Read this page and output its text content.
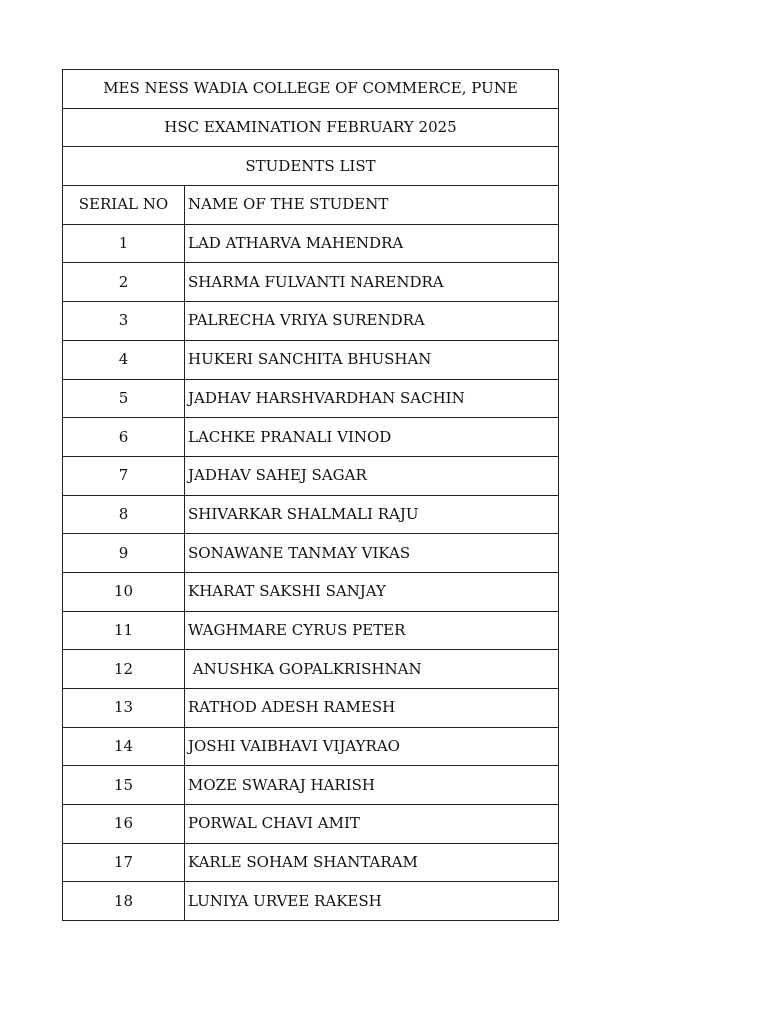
MES NESS WADIA COLLEGE OF COMMERCE, PUNE	
HSC EXAMINATION FEBRUARY 2025	
STUDENTS LIST	
SERIAL NO	NAME OF THE STUDENT
1	LAD ATHARVA MAHENDRA
2	SHARMA FULVANTI NARENDRA
3	PALRECHA VRIYA SURENDRA
4	HUKERI SANCHITA BHUSHAN
5	JADHAV HARSHVARDHAN SACHIN
6	LACHKE PRANALI VINOD
7	JADHAV SAHEJ SAGAR
8	SHIVARKAR SHALMALI RAJU
9	SONAWANE TANMAY VIKAS
10	KHARAT SAKSHI SANJAY
11	WAGHMARE CYRUS PETER
12	ANUSHKA GOPALKRISHNAN
13	RATHOD ADESH RAMESH
14	JOSHI VAIBHAVI VIJAYRAO
15	MOZE SWARAJ HARISH
16	PORWAL CHAVI AMIT
17	KARLE SOHAM SHANTARAM
18	LUNIYA URVEE RAKESH
